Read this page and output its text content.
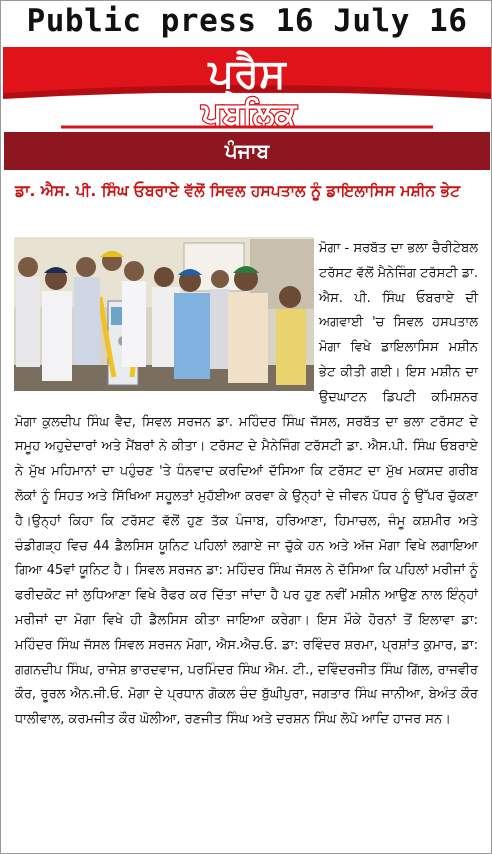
Public press 16 July 16
ਪ੍ਰੈਸ
ਪਬਲਿਕ
ਪੰਜਾਬ
ਡਾ. ਐਸ. ਪੀ. ਸਿੰਘ ਓਬਰਾਏ ਵੱਲੋਂ ਸਿਵਲ ਹਸਪਤਾਲ ਨੂੰ ਡਾਇਲਾਸਿਸ ਮਸ਼ੀਨ ਭੇਟ
ਮੋਗਾ - ਸਰਬੱਤ ਦਾ ਭਲਾ ਚੈਰੀਟੇਬਲ ਟਰੱਸਟ ਵੱਲੋਂ ਮੈਨੇਜਿੰਗ ਟਰੱਸਟੀ ਡਾ. ਐਸ. ਪੀ. ਸਿੰਘ ਓਬਰਾਏ ਦੀ ਅਗਵਾਈ 'ਚ ਸਿਵਲ ਹਸਪਤਾਲ ਮੋਗਾ ਵਿਖੇ ਡਾਇਲਾਸਿਸ ਮਸ਼ੀਨ ਭੇਟ ਕੀਤੀ ਗਈ। ਇਸ ਮਸ਼ੀਨ ਦਾ ਉਦਘਾਟਨ ਡਿਪਟੀ ਕਮਿਸ਼ਨਰ ਮੋਗਾ ਕੁਲਦੀਪ ਸਿੰਘ ਵੈਦ, ਸਿਵਲ ਸਰਜਨ ਡਾ. ਮਹਿੰਦਰ ਸਿੰਘ ਜੱਸਲ, ਸਰਬੱਤ ਦਾ ਭਲਾ ਟਰੱਸਟ ਦੇ ਸਮੂਹ ਅਹੁਦੇਦਾਰਾਂ ਅਤੇ ਮੈਂਬਰਾਂ ਨੇ ਕੀਤਾ। ਟਰੱਸਟ ਦੇ ਮੈਨੇਜਿੰਗ ਟਰੱਸਟੀ ਡਾ. ਐਸ.ਪੀ. ਸਿੰਘ ਓਬਰਾਏ ਨੇ ਮੁੱਖ ਮਹਿਮਾਨਾਂ ਦਾ ਪਹੁੰਚਣ 'ਤੇ ਧੰਨਵਾਦ ਕਰਦਿਆਂ ਦੱਸਿਆ ਕਿ ਟਰੱਸਟ ਦਾ ਮੁੱਖ ਮਕਸਦ ਗਰੀਬ ਲੋਕਾਂ ਨੂੰ ਸਿਹਤ ਅਤੇ ਸਿੱਖਿਆ ਸਹੂਲਤਾਂ ਮੁਹੱਈਆ ਕਰਵਾ ਕੇ ਉਨ੍ਹਾਂ ਦੇ ਜੀਵਨ ਪੱਧਰ ਨੂੰ ਉੱਪਰ ਚੁੱਕਣਾ ਹੈ।ਉਨ੍ਹਾਂ ਕਿਹਾ ਕਿ ਟਰੱਸਟ ਵੱਲੋਂ ਹੁਣ ਤੱਕ ਪੰਜਾਬ, ਹਰਿਆਣਾ, ਹਿਮਾਚਲ, ਜੰਮੂ ਕਸ਼ਮੀਰ ਅਤੇ ਚੰਡੀਗੜ੍ਹ ਵਿਚ 44 ਡੈਲਸਿਸ ਯੂਨਿਟ ਪਹਿਲਾਂ ਲਗਾਏ ਜਾ ਚੁੱਕੇ ਹਨ ਅਤੇ ਅੱਜ ਮੋਗਾ ਵਿਖੇ ਲਗਾਇਆ ਗਿਆ 45ਵਾਂ ਯੂਨਿਟ ਹੈ। ਸਿਵਲ ਸਰਜਨ ਡਾ: ਮਹਿੰਦਰ ਸਿੰਘ ਜੱਸਲ ਨੇ ਦੱਸਿਆ ਕਿ ਪਹਿਲਾਂ ਮਰੀਜਾਂ ਨੂੰ ਫਰੀਦਕੋਟ ਜਾਂ ਲੁਧਿਆਣਾ ਵਿਖੇ ਰੈਫਰ ਕਰ ਦਿੱਤਾ ਜਾਂਦਾ ਹੈ ਪਰ ਹੁਣ ਨਵੀਂ ਮਸ਼ੀਨ ਆਉਣ ਨਾਲ ਇੰਨ੍ਹਾਂ ਮਰੀਜਾਂ ਦਾ ਮੋਗਾ ਵਿਖੇ ਹੀ ਡੈਲਸਿਸ ਕੀਤਾ ਜਾਇਆ ਕਰੇਗਾ। ਇਸ ਮੌਕੇ ਹੋਰਨਾਂ ਤੋਂ ਇਲਾਵਾ ਡਾ: ਮਹਿੰਦਰ ਸਿੰਘ ਜੱਸਲ ਸਿਵਲ ਸਰਜਨ ਮੋਗਾ, ਐਸ.ਐਚ.ਓ. ਡਾ: ਰਵਿੰਦਰ ਸ਼ਰਮਾ, ਪ੍ਰਸ਼ਾਂਤ ਕੁਮਾਰ, ਡਾ: ਗਗਨਦੀਪ ਸਿੰਘ, ਰਾਜੇਸ਼ ਭਾਰਦਵਾਜ, ਪਰਮਿੰਦਰ ਸਿੰਘ ਐਮ. ਟੀ., ਦਵਿੰਦਰਜੀਤ ਸਿੰਘ ਗਿੱਲ, ਰਾਜਵੀਰ ਕੌਰ, ਰੂਰਲ ਐਨ.ਜੀ.ਓ. ਮੋਗਾ ਦੇ ਪ੍ਰਧਾਨ ਗੋਕਲ ਚੰਦ ਬੁੱਘੀਪੁਰਾ, ਜਗਤਾਰ ਸਿੰਘ ਜਾਨੀਆ, ਬੇਅੰਤ ਕੌਰ ਧਾਲੀਵਾਲ, ਕਰਮਜੀਤ ਕੌਰ ਘੋਲੀਆ, ਰਣਜੀਤ ਸਿੰਘ ਅਤੇ ਦਰਸ਼ਨ ਸਿੰਘ ਲੋਪੋ ਆਦਿ ਹਾਜਰ ਸਨ।
